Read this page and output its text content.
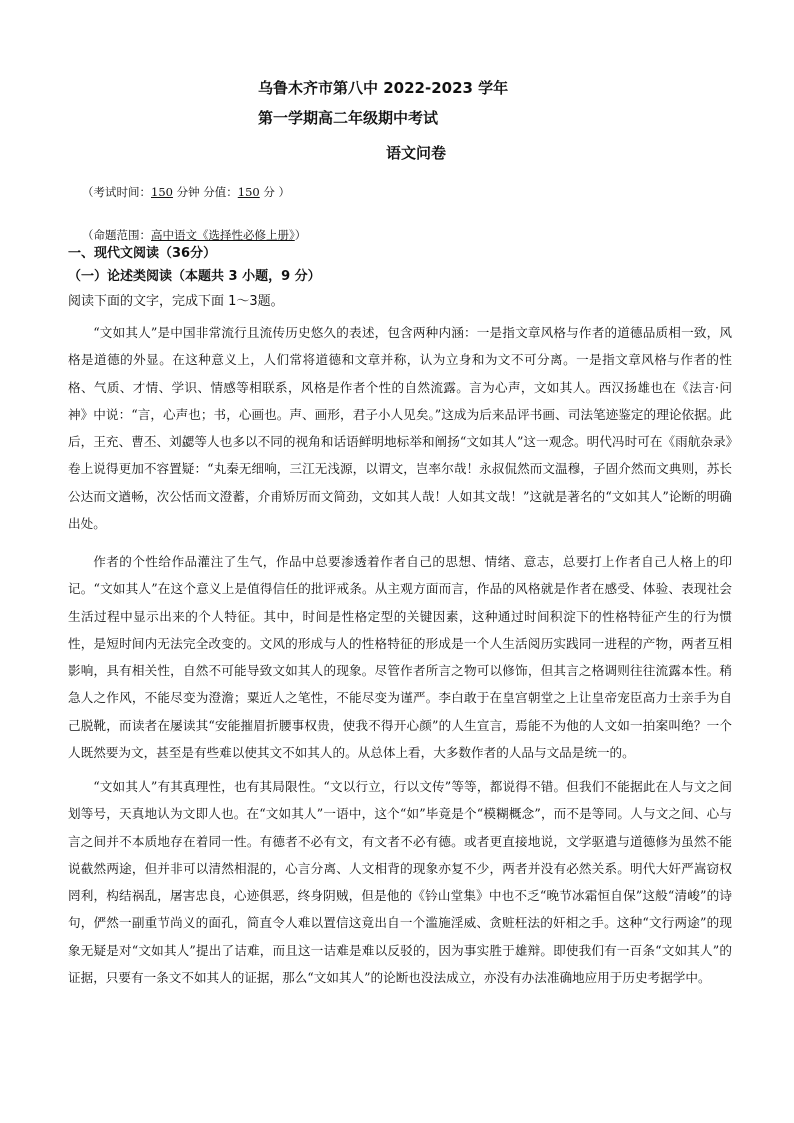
乌鲁木齐市第八中 2022-2023 学年
第一学期高二年级期中考试
语文问卷
（考试时间：150 分钟 分值：150 分 ）
（命题范围：高中语文《选择性必修上册》）
一、现代文阅读（36分）
（一）论述类阅读（本题共 3 小题，9 分）
阅读下面的文字，完成下面 1～3题。

“文如其人”是中国非常流行且流传历史悠久的表述，包含两种内涵：一是指文章风格与作者的道德品质相一致，风格是道德的外显。在这种意义上，人们常将道德和文章并称，认为立身和为文不可分离。一是指文章风格与作者的性格、气质、才情、学识、情感等相联系，风格是作者个性的自然流露。言为心声，文如其人。西汉扬雄也在《法言·问神》中说：“言，心声也；书，心画也。声、画形，君子小人见矣。”这成为后来品评书画、司法笔迹鉴定的理论依据。此后，王充、曹丕、刘勰等人也多以不同的视角和话语鲜明地标举和阐扬“文如其人”这一观念。明代冯时可在《雨航杂录》卷上说得更加不容置疑：“丸秦无细响，三江无浅源，以谓文，岂率尔哉！永叔侃然而文温穆，子固介然而文典则，苏长公达而文遒畅，次公恬而文澄蓄，介甫矫厉而文简劲，文如其人哉！人如其文哉！”这就是著名的“文如其人”论断的明确出处。

作者的个性给作品灌注了生气，作品中总要渗透着作者自己的思想、情绪、意志，总要打上作者自己人格上的印记。“文如其人”在这个意义上是值得信任的批评戒条。从主观方面而言，作品的风格就是作者在感受、体验、表现社会生活过程中显示出来的个人特征。其中，时间是性格定型的关键因素，这种通过时间积淀下的性格特征产生的行为惯性，是短时间内无法完全改变的。文风的形成与人的性格特征的形成是一个人生活阅历实践同一进程的产物，两者互相影响，具有相关性，自然不可能导致文如其人的现象。尽管作者所言之物可以修饰，但其言之格调则往往流露本性。稍急人之作风，不能尽变为澄澹；粟近人之笔性，不能尽变为谨严。李白敢于在皇宫朝堂之上让皇帝宠臣高力士亲手为自己脱靴，而读者在屡读其“安能摧眉折腰事权贵，使我不得开心颜”的人生宣言，焉能不为他的人文如一拍案叫绝？一个人既然要为文，甚至是有些难以使其文不如其人的。从总体上看，大多数作者的人品与文品是统一的。

“文如其人”有其真理性，也有其局限性。“文以行立，行以文传”等等，都说得不错。但我们不能据此在人与文之间划等号，天真地认为文即人也。在“文如其人”一语中，这个“如”毕竟是个“模糊概念”，而不是等同。人与文之间、心与言之间并不本质地存在着同一性。有德者不必有文，有文者不必有德。或者更直接地说，文学驱遣与道德修为虽然不能说截然两途，但并非可以清然相混的，心言分离、人文相背的现象亦复不少，两者并没有必然关系。明代大奸严嵩窃权罔利，构结祸乱，屠害忠良，心迹俱恶，终身阴贼，但是他的《钤山堂集》中也不乏“晚节冰霜恒自保”这般“清峻”的诗句，俨然一副重节尚义的面孔，简直令人难以置信这竟出自一个滥施淫威、贪赃枉法的奸相之手。这种“文行两途”的现象无疑是对“文如其人”提出了诘难，而且这一诘难是难以反驳的，因为事实胜于雄辩。即使我们有一百条“文如其人”的证据，只要有一条文不如其人的证据，那么“文如其人”的论断也没法成立，亦没有办法准确地应用于历史考据学中。
